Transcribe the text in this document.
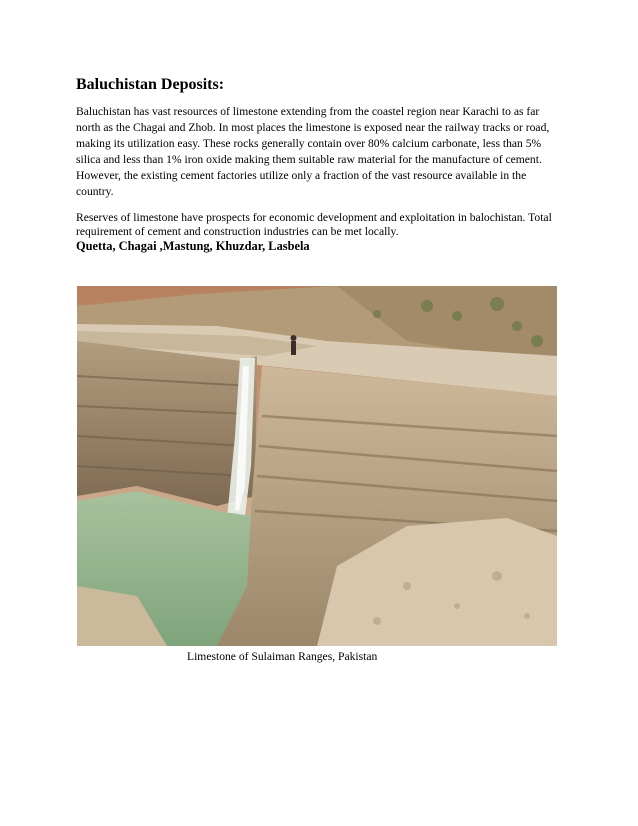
Baluchistan Deposits:

Baluchistan has vast resources of limestone extending from the coastel region near Karachi to as far north as the Chagai and Zhob. In most places the limestone is exposed near the railway tracks or road, making its utilization easy. These rocks generally contain over 80% calcium carbonate, less than 5% silica and less than 1% iron oxide making them suitable raw material for the manufacture of cement. However, the existing cement factories utilize only a fraction of the vast resource available in the country.

Reserves of limestone have prospects for economic development and exploitation in balochistan. Total requirement of cement and construction industries can be met locally.

Quetta, Chagai ,Mastung, Khuzdar, Lasbela

Limestone of Sulaiman Ranges, Pakistan
